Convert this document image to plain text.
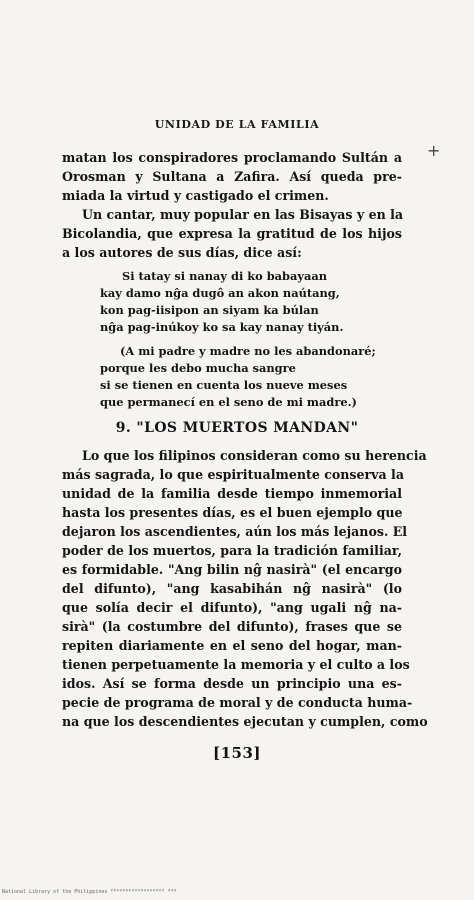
UNIDAD DE LA FAMILIA
+
matan los conspiradores proclamando Sultán a
Orosman y Sultana a Zafira. Así queda pre-
miada la virtud y castigado el crimen.
Un cantar, muy popular en las Bisayas y en la
Bicolandia, que expresa la gratitud de los hijos
a los autores de sus días, dice así:
Si tatay si nanay di ko babayaan
kay damo nĝa dugô an akon naútang,
kon pag-iisipon an siyam ka búlan
nĝa pag-inúkoy ko sa kay nanay tiyán.
(A mi padre y madre no les abandonaré;
porque les debo mucha sangre
si se tienen en cuenta los nueve meses
que permanecí en el seno de mi madre.)
9. "LOS MUERTOS MANDAN"
Lo que los filipinos consideran como su herencia
más sagrada, lo que espiritualmente conserva la
unidad de la familia desde tiempo inmemorial
hasta los presentes días, es el buen ejemplo que
dejaron los ascendientes, aún los más lejanos. El
poder de los muertos, para la tradición familiar,
es formidable. "Ang bilin nĝ nasirà" (el encargo
del difunto), "ang kasabihán nĝ nasirà" (lo
que solía decir el difunto), "ang ugali nĝ na-
sirà" (la costumbre del difunto), frases que se
repiten diariamente en el seno del hogar, man-
tienen perpetuamente la memoria y el culto a los
idos. Así se forma desde un principio una es-
pecie de programa de moral y de conducta huma-
na que los descendientes ejecutan y cumplen, como
[153]
National Library of the Philippines ****************** ***
